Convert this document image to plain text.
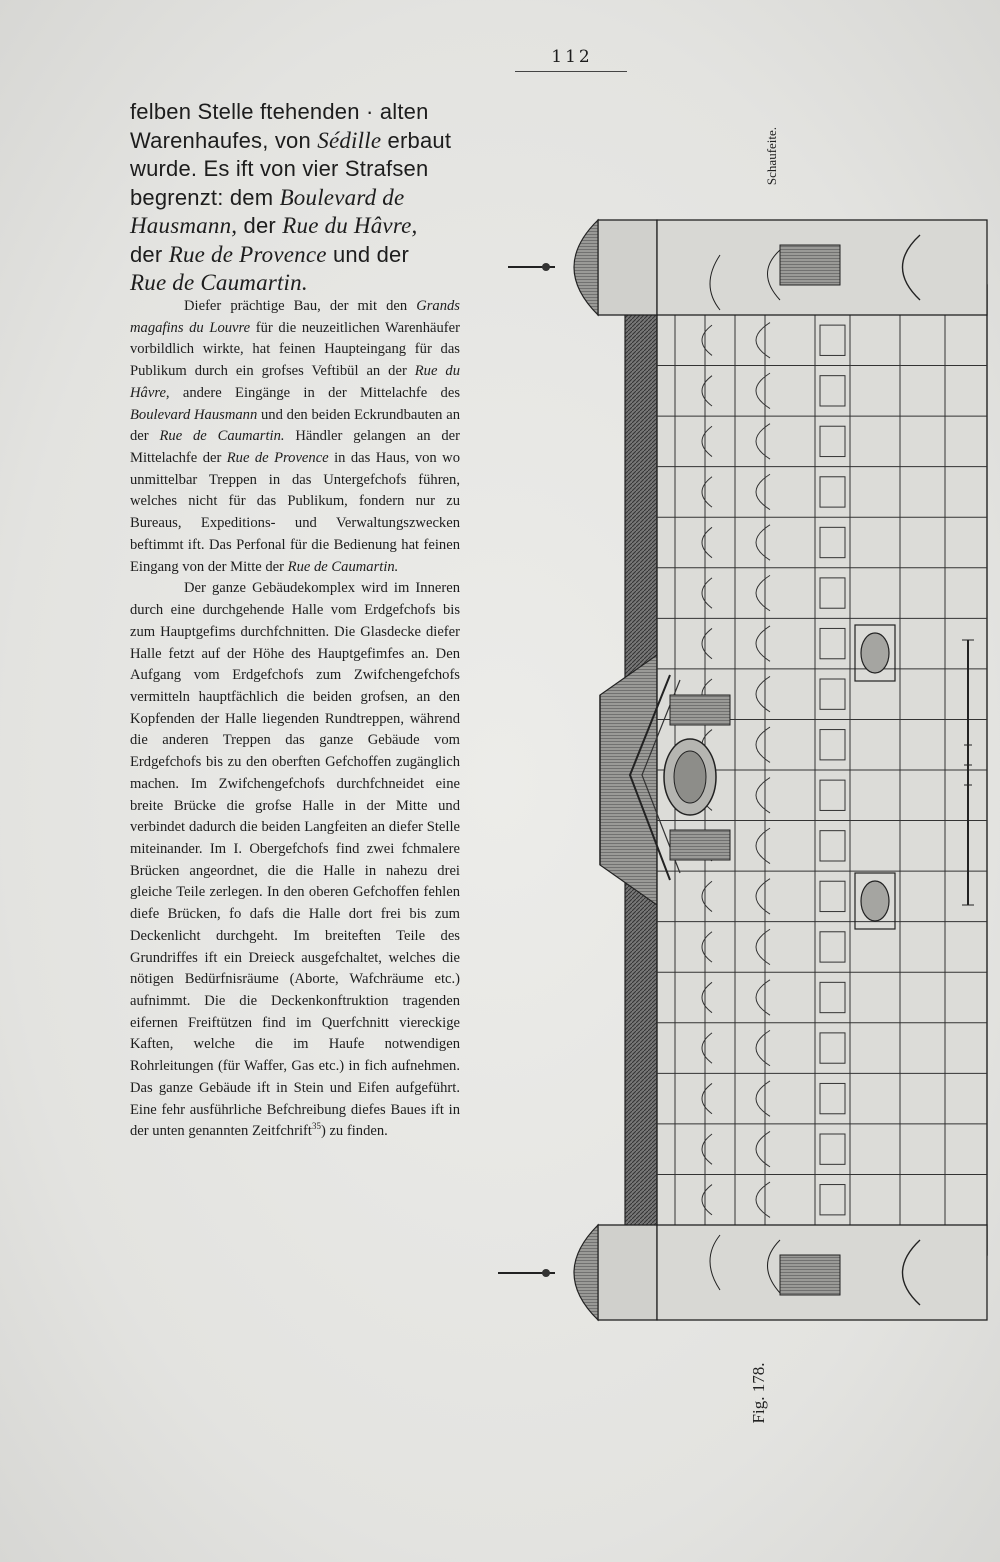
112
felben Stelle ftehenden · alten
Warenhaufes, von Sédille erbaut
wurde. Es ift von vier Strafsen
begrenzt: dem Boulevard de
Hausmann, der Rue du Hâvre,
der Rue de Provence und der
Rue de Caumartin.

Diefer prächtige Bau, der mit den Grands magafins du Louvre für die neuzeitlichen Warenhäufer vorbildlich wirkte, hat feinen Haupteingang für das Publikum durch ein grofses Veftibül an der Rue du Hâvre, andere Eingänge in der Mittelachfe des Boulevard Hausmann und den beiden Eckrundbauten an der Rue de Caumartin. Händler gelangen an der Mittelachfe der Rue de Provence in das Haus, von wo unmittelbar Treppen in das Untergefchofs führen, welches nicht für das Publikum, fondern nur zu Bureaus, Expeditions- und Verwaltungszwecken beftimmt ift. Das Perfonal für die Bedienung hat feinen Eingang von der Mitte der Rue de Caumartin.

Der ganze Gebäudekomplex wird im Inneren durch eine durchgehende Halle vom Erdgefchofs bis zum Hauptgefims durchfchnitten. Die Glasdecke diefer Halle fetzt auf der Höhe des Hauptgefimfes an. Den Aufgang vom Erdgefchofs zum Zwifchengefchofs vermitteln hauptfächlich die beiden grofsen, an den Kopfenden der Halle liegenden Rundtreppen, während die anderen Treppen das ganze Gebäude vom Erdgefchofs bis zu den oberften Gefchoffen zugänglich machen. Im Zwifchengefchofs durchfchneidet eine breite Brücke die grofse Halle in der Mitte und verbindet dadurch die beiden Langfeiten an diefer Stelle miteinander. Im I. Obergefchofs find zwei fchmalere Brücken angeordnet, die die Halle in nahezu drei gleiche Teile zerlegen. In den oberen Gefchoffen fehlen diefe Brücken, fo dafs die Halle dort frei bis zum Deckenlicht durchgeht. Im breiteften Teile des Grundriffes ift ein Dreieck ausgefchaltet, welches die nötigen Bedürfnisräume (Aborte, Wafchräume etc.) aufnimmt. Die die Deckenkonftruktion tragenden eifernen Freiftützen find im Querfchnitt viereckige Kaften, welche die im Haufe notwendigen Rohrleitungen (für Waffer, Gas etc.) in fich aufnehmen. Das ganze Gebäude ift in Stein und Eifen aufgeführt. Eine fehr ausführliche Befchreibung diefes Baues ift in der unten genannten Zeitfchrift$^{35}$) zu finden.

Schaufeite.
Fig. 178.
